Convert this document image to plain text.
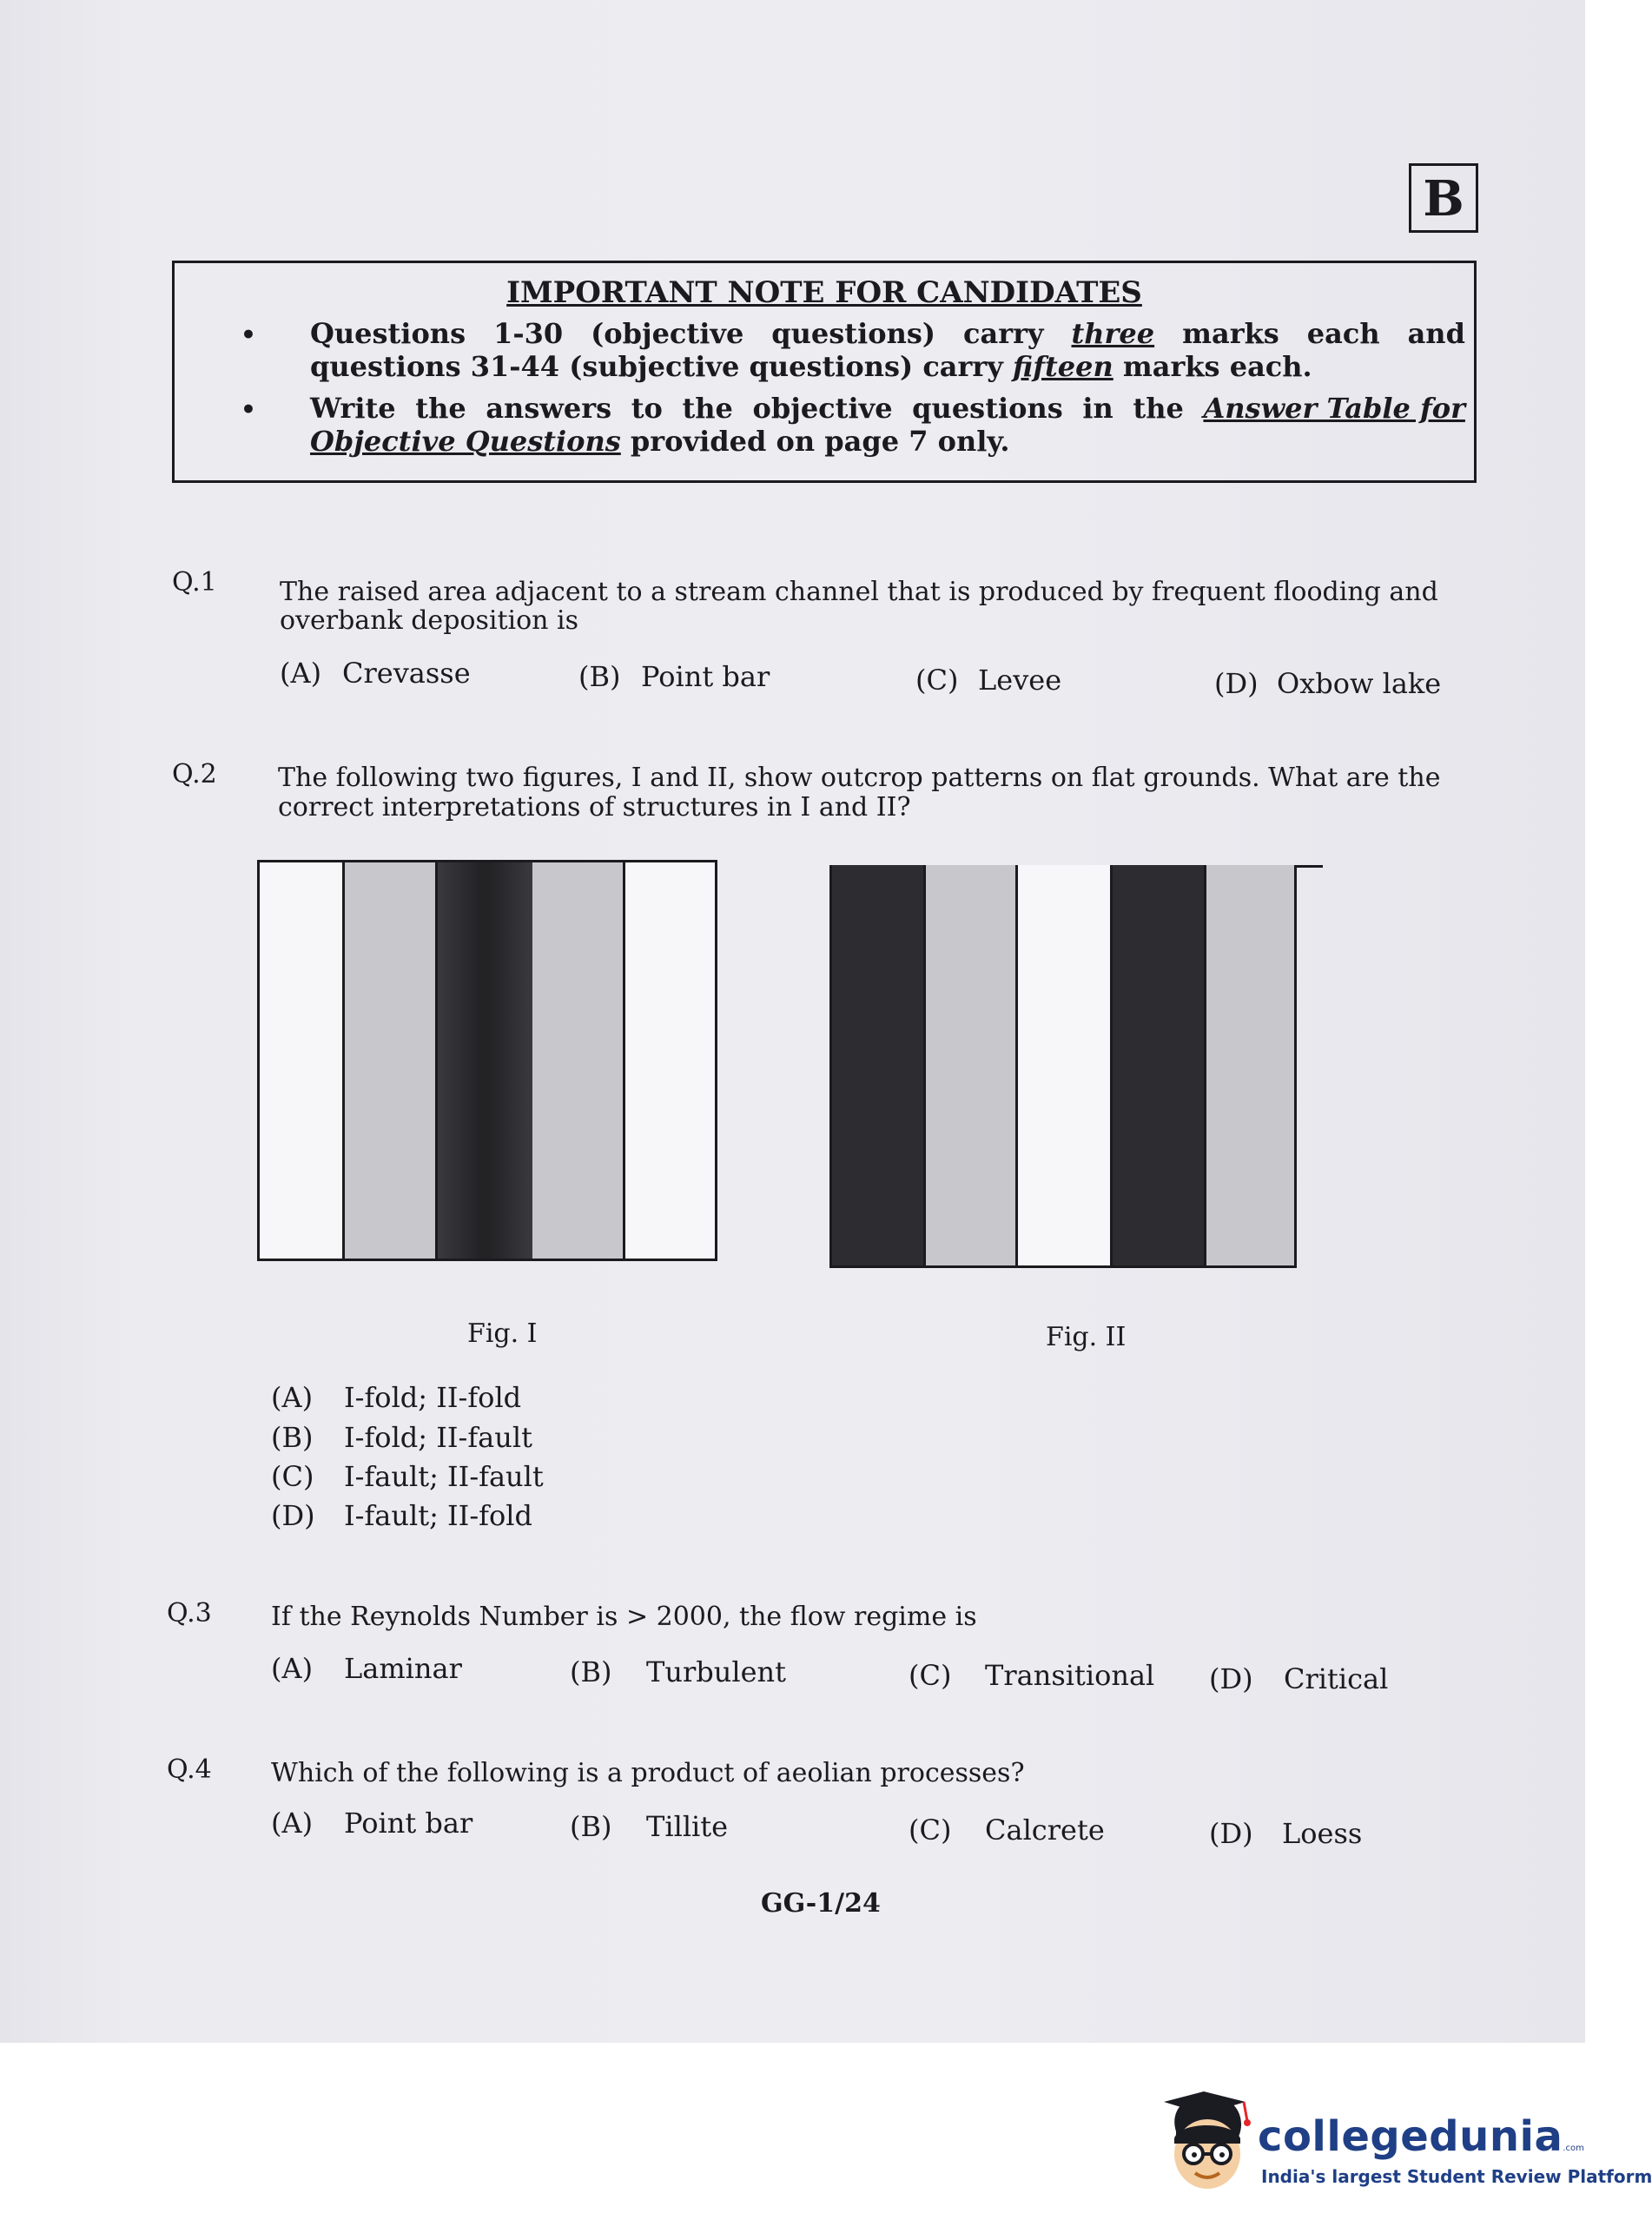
B
IMPORTANT NOTE FOR CANDIDATES
• Questions 1-30 (objective questions) carry three marks each and
questions 31-44 (subjective questions) carry fifteen marks each.
• Write the answers to the objective questions in the Answer Table for
Objective Questions provided on page 7 only.
Q.1 The raised area adjacent to a stream channel that is produced by frequent flooding and
overbank deposition is
(A) Crevasse	(B) Point bar	(C) Levee	(D) Oxbow lake
Q.2 The following two figures, I and II, show outcrop patterns on flat grounds. What are the
correct interpretations of structures in I and II?
Fig. I	Fig. II
(A) I-fold; II-fold
(B) I-fold; II-fault
(C) I-fault; II-fault
(D) I-fault; II-fold
Q.3 If the Reynolds Number is > 2000, the flow regime is
(A) Laminar	(B) Turbulent	(C) Transitional (D) Critical
Q.4 Which of the following is a product of aeolian processes?
(A) Point bar	(B) Tillite	(C) Calcrete	(D) Loess
GG-1/24
collegedunia.com
India's largest Student Review Platform
